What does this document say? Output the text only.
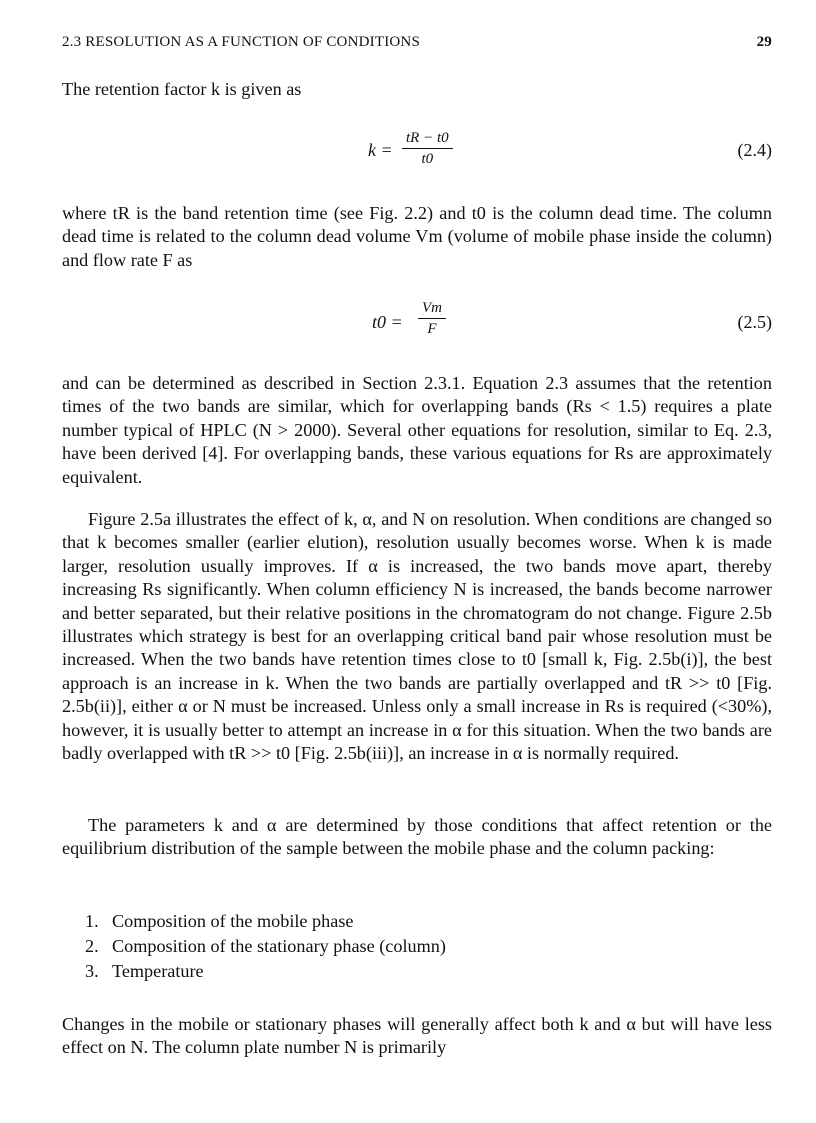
2.3 RESOLUTION AS A FUNCTION OF CONDITIONS	29

The retention factor k is given as

$k = \frac{tR - t0}{t0}$	(2.4)

where tR is the band retention time (see Fig. 2.2) and t0 is the column dead time. The column dead time is related to the column dead volume Vm (volume of mobile phase inside the column) and flow rate F as

$t0 = \frac{Vm}{F}$	(2.5)

and can be determined as described in Section 2.3.1. Equation 2.3 assumes that the retention times of the two bands are similar, which for overlapping bands (Rs < 1.5) requires a plate number typical of HPLC (N > 2000). Several other equations for resolution, similar to Eq. 2.3, have been derived [4]. For overlapping bands, these various equations for Rs are approximately equivalent.

Figure 2.5a illustrates the effect of k, α, and N on resolution. When conditions are changed so that k becomes smaller (earlier elution), resolution usually becomes worse. When k is made larger, resolution usually improves. If α is increased, the two bands move apart, thereby increasing Rs significantly. When column efficiency N is increased, the bands become narrower and better separated, but their relative positions in the chromatogram do not change. Figure 2.5b illustrates which strategy is best for an overlapping critical band pair whose resolution must be increased. When the two bands have retention times close to t0 [small k, Fig. 2.5b(i)], the best approach is an increase in k. When the two bands are partially overlapped and tR >> t0 [Fig. 2.5b(ii)], either α or N must be increased. Unless only a small increase in Rs is required (<30%), however, it is usually better to attempt an increase in α for this situation. When the two bands are badly overlapped with tR >> t0 [Fig. 2.5b(iii)], an increase in α is normally required.

The parameters k and α are determined by those conditions that affect retention or the equilibrium distribution of the sample between the mobile phase and the column packing:

1. Composition of the mobile phase
2. Composition of the stationary phase (column)
3. Temperature

Changes in the mobile or stationary phases will generally affect both k and α but will have less effect on N. The column plate number N is primarily
